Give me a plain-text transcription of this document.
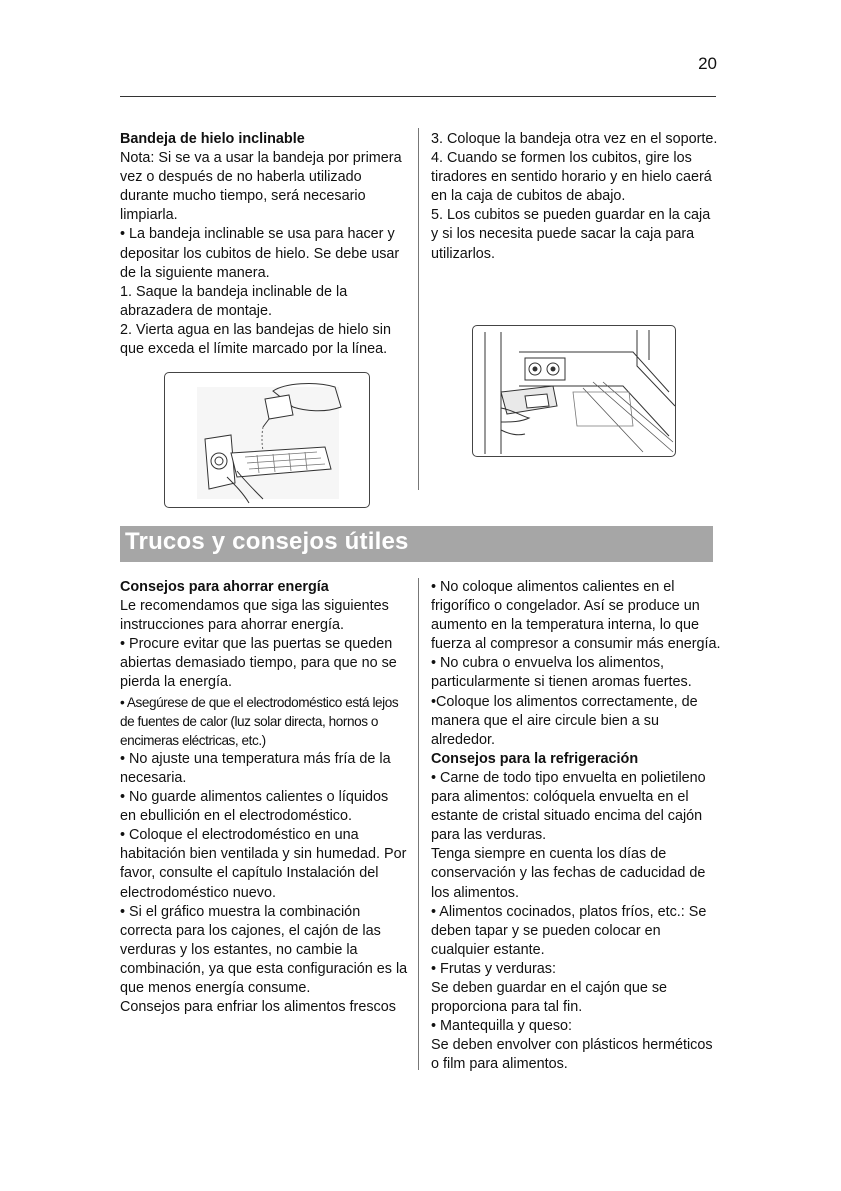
20

Bandeja de hielo inclinable

Nota: Si se va a usar la bandeja por primera vez o después de no haberla utilizado durante mucho tiempo, será necesario limpiarla.

• La bandeja inclinable se usa para hacer y depositar los cubitos de hielo. Se debe usar de la siguiente manera.

1. Saque la bandeja inclinable de la abrazadera de montaje.

2. Vierta agua en las bandejas de hielo sin que exceda el límite marcado por la línea.

3. Coloque la bandeja otra vez en el soporte.

4. Cuando se formen los cubitos, gire los tiradores en sentido horario y en hielo caerá en la caja de cubitos de abajo.

5. Los cubitos se pueden guardar en la caja y si los necesita puede sacar la caja para utilizarlos.

Trucos y consejos útiles

Consejos para ahorrar energía

Le recomendamos que siga las siguientes instrucciones para ahorrar energía.

• Procure evitar que las puertas se queden abiertas demasiado tiempo, para que no se pierda la energía.

• Asegúrese de que el electrodoméstico está lejos de fuentes de calor (luz solar directa, hornos o encimeras eléctricas, etc.)

• No ajuste una temperatura más fría de la necesaria.

• No guarde alimentos calientes o líquidos en ebullición en el electrodoméstico.

• Coloque el electrodoméstico en una habitación bien ventilada y sin humedad. Por favor, consulte el capítulo Instalación del electrodoméstico nuevo.

• Si el gráfico muestra la combinación correcta para los cajones, el cajón de las verduras y los estantes, no cambie la combinación, ya que esta configuración es la que menos energía consume.

Consejos para enfriar los alimentos frescos

• No coloque alimentos calientes en el frigorífico o congelador. Así se produce un aumento en la temperatura interna, lo que fuerza al compresor a consumir más energía.

• No cubra o envuelva los alimentos, particularmente si tienen aromas fuertes. •Coloque los alimentos correctamente, de manera que el aire circule bien a su alrededor.

Consejos para la refrigeración

• Carne de todo tipo envuelta en polietileno para alimentos: colóquela envuelta en el estante de cristal situado encima del cajón para las verduras.

Tenga siempre en cuenta los días de conservación y las fechas de caducidad de los alimentos.

• Alimentos cocinados, platos fríos, etc.: Se deben tapar y se pueden colocar en cualquier estante.

• Frutas y verduras:

Se deben guardar en el cajón que se proporciona para tal fin.

• Mantequilla y queso:

Se deben envolver con plásticos herméticos o film para alimentos.
